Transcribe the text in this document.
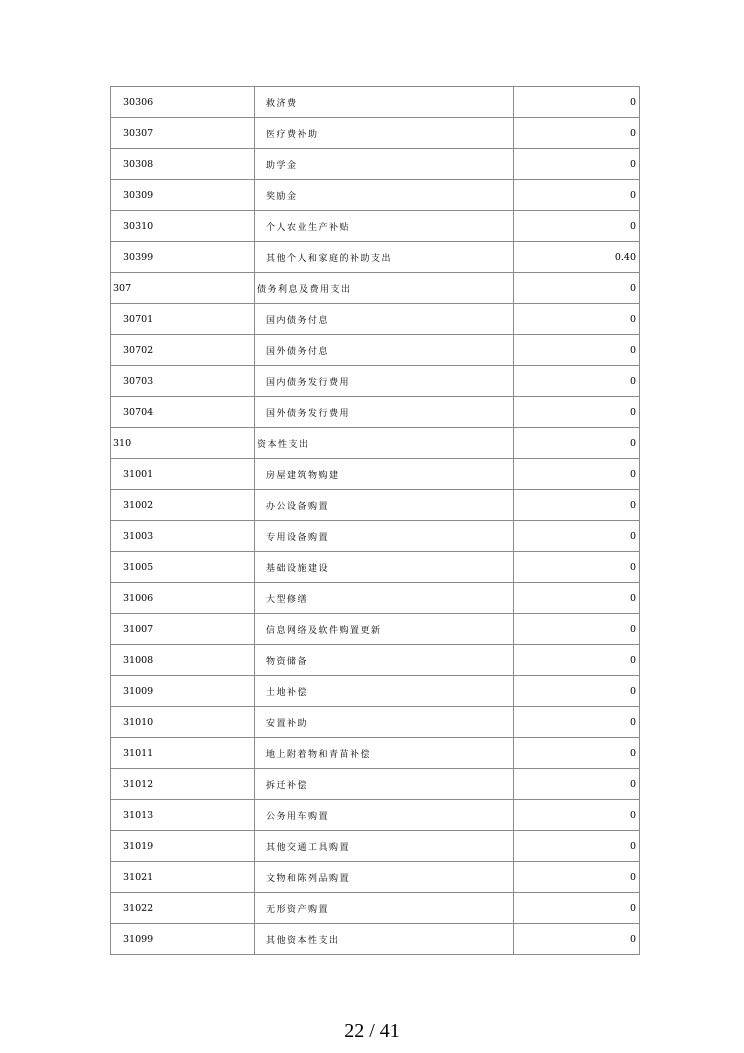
30306	救济费	0
30307	医疗费补助	0
30308	助学金	0
30309	奖励金	0
30310	个人农业生产补贴	0
30399	其他个人和家庭的补助支出	0.40
307	债务利息及费用支出	0
30701	国内债务付息	0
30702	国外债务付息	0
30703	国内债务发行费用	0
30704	国外债务发行费用	0
310	资本性支出	0
31001	房屋建筑物购建	0
31002	办公设备购置	0
31003	专用设备购置	0
31005	基础设施建设	0
31006	大型修缮	0
31007	信息网络及软件购置更新	0
31008	物资储备	0
31009	土地补偿	0
31010	安置补助	0
31011	地上附着物和青苗补偿	0
31012	拆迁补偿	0
31013	公务用车购置	0
31019	其他交通工具购置	0
31021	文物和陈列品购置	0
31022	无形资产购置	0
31099	其他资本性支出	0
22 / 41
